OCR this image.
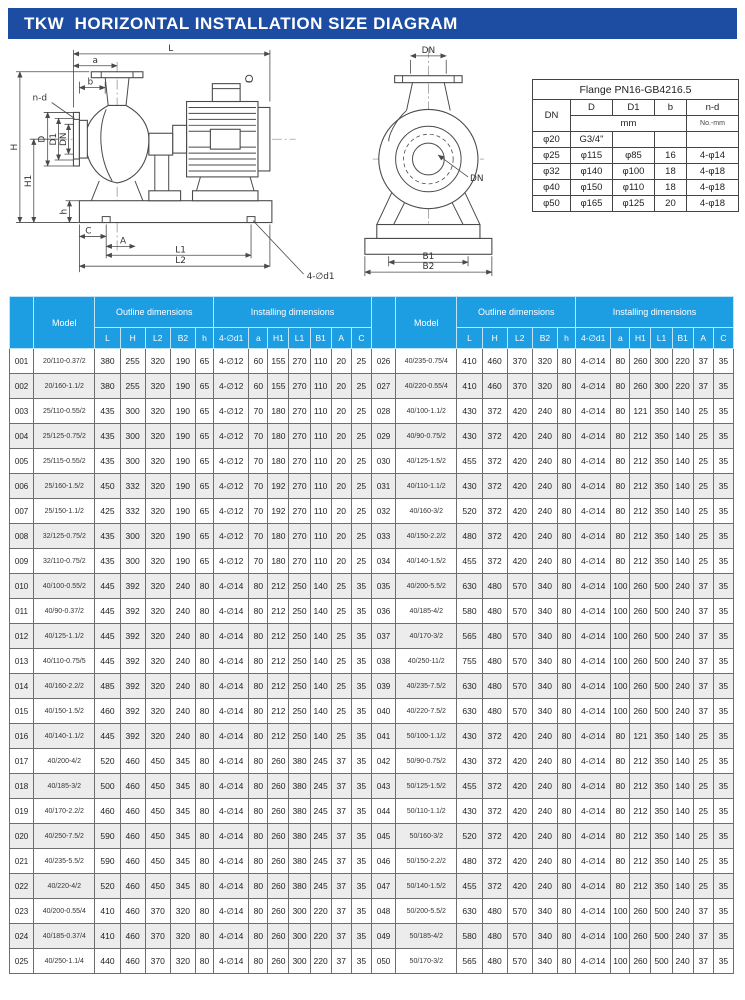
TKW  HORIZONTAL INSTALLATION SIZE DIAGRAM
L
a
b
n-d
H
H1
D D1 DN
h
C
A
L1
L2
4-∅d1
DN
DN
B1
B2
Flange PN16-GB4216.5				
DN	D	D1	b	n-d
	mm			No.-mm
φ20	G3/4"			
φ25	φ115	φ85	16	4-φ14
φ32	φ140	φ100	18	4-φ18
φ40	φ150	φ110	18	4-φ18
φ50	φ165	φ125	20	4-φ18
	Model	Outline dimensions					Installing dimensions						
		L	H	L2	B2	h	4-∅d1	a	H1	L1	B1	A	C
001	20/110-0.37/2	380	255	320	190	65	4-∅12	60	155	270	110	20	25
002	20/160-1.1/2	380	255	320	190	65	4-∅12	60	155	270	110	20	25
003	25/110-0.55/2	435	300	320	190	65	4-∅12	70	180	270	110	20	25
004	25/125-0.75/2	435	300	320	190	65	4-∅12	70	180	270	110	20	25
005	25/115-0.55/2	435	300	320	190	65	4-∅12	70	180	270	110	20	25
006	25/160-1.5/2	450	332	320	190	65	4-∅12	70	192	270	110	20	25
007	25/150-1.1/2	425	332	320	190	65	4-∅12	70	192	270	110	20	25
008	32/125-0.75/2	435	300	320	190	65	4-∅12	70	180	270	110	20	25
009	32/110-0.75/2	435	300	320	190	65	4-∅12	70	180	270	110	20	25
010	40/100-0.55/2	445	392	320	240	80	4-∅14	80	212	250	140	25	35
011	40/90-0.37/2	445	392	320	240	80	4-∅14	80	212	250	140	25	35
012	40/125-1.1/2	445	392	320	240	80	4-∅14	80	212	250	140	25	35
013	40/110-0.75/5	445	392	320	240	80	4-∅14	80	212	250	140	25	35
014	40/160-2.2/2	485	392	320	240	80	4-∅14	80	212	250	140	25	35
015	40/150-1.5/2	460	392	320	240	80	4-∅14	80	212	250	140	25	35
016	40/140-1.1/2	445	392	320	240	80	4-∅14	80	212	250	140	25	35
017	40/200-4/2	520	460	450	345	80	4-∅14	80	260	380	245	37	35
018	40/185-3/2	500	460	450	345	80	4-∅14	80	260	380	245	37	35
019	40/170-2.2/2	460	460	450	345	80	4-∅14	80	260	380	245	37	35
020	40/250-7.5/2	590	460	450	345	80	4-∅14	80	260	380	245	37	35
021	40/235-5.5/2	590	460	450	345	80	4-∅14	80	260	380	245	37	35
022	40/220-4/2	520	460	450	345	80	4-∅14	80	260	380	245	37	35
023	40/200-0.55/4	410	460	370	320	80	4-∅14	80	260	300	220	37	35
024	40/185-0.37/4	410	460	370	320	80	4-∅14	80	260	300	220	37	35
025	40/250-1.1/4	440	460	370	320	80	4-∅14	80	260	300	220	37	35
	Model	Outline dimensions					Installing dimensions						
		L	H	L2	B2	h	4-∅d1	a	H1	L1	B1	A	C
026	40/235-0.75/4	410	460	370	320	80	4-∅14	80	260	300	220	37	35
027	40/220-0.55/4	410	460	370	320	80	4-∅14	80	260	300	220	37	35
028	40/100-1.1/2	430	372	420	240	80	4-∅14	80	121	350	140	25	35
029	40/90-0.75/2	430	372	420	240	80	4-∅14	80	212	350	140	25	35
030	40/125-1.5/2	455	372	420	240	80	4-∅14	80	212	350	140	25	35
031	40/110-1.1/2	430	372	420	240	80	4-∅14	80	212	350	140	25	35
032	40/160-3/2	520	372	420	240	80	4-∅14	80	212	350	140	25	35
033	40/150-2.2/2	480	372	420	240	80	4-∅14	80	212	350	140	25	35
034	40/140-1.5/2	455	372	420	240	80	4-∅14	80	212	350	140	25	35
035	40/200-5.5/2	630	480	570	340	80	4-∅14	100	260	500	240	37	35
036	40/185-4/2	580	480	570	340	80	4-∅14	100	260	500	240	37	35
037	40/170-3/2	565	480	570	340	80	4-∅14	100	260	500	240	37	35
038	40/250-11/2	755	480	570	340	80	4-∅14	100	260	500	240	37	35
039	40/235-7.5/2	630	480	570	340	80	4-∅14	100	260	500	240	37	35
040	40/220-7.5/2	630	480	570	340	80	4-∅14	100	260	500	240	37	35
041	50/100-1.1/2	430	372	420	240	80	4-∅14	80	121	350	140	25	35
042	50/90-0.75/2	430	372	420	240	80	4-∅14	80	212	350	140	25	35
043	50/125-1.5/2	455	372	420	240	80	4-∅14	80	212	350	140	25	35
044	50/110-1.1/2	430	372	420	240	80	4-∅14	80	212	350	140	25	35
045	50/160-3/2	520	372	420	240	80	4-∅14	80	212	350	140	25	35
046	50/150-2.2/2	480	372	420	240	80	4-∅14	80	212	350	140	25	35
047	50/140-1.5/2	455	372	420	240	80	4-∅14	80	212	350	140	25	35
048	50/200-5.5/2	630	480	570	340	80	4-∅14	100	260	500	240	37	35
049	50/185-4/2	580	480	570	340	80	4-∅14	100	260	500	240	37	35
050	50/170-3/2	565	480	570	340	80	4-∅14	100	260	500	240	37	35
